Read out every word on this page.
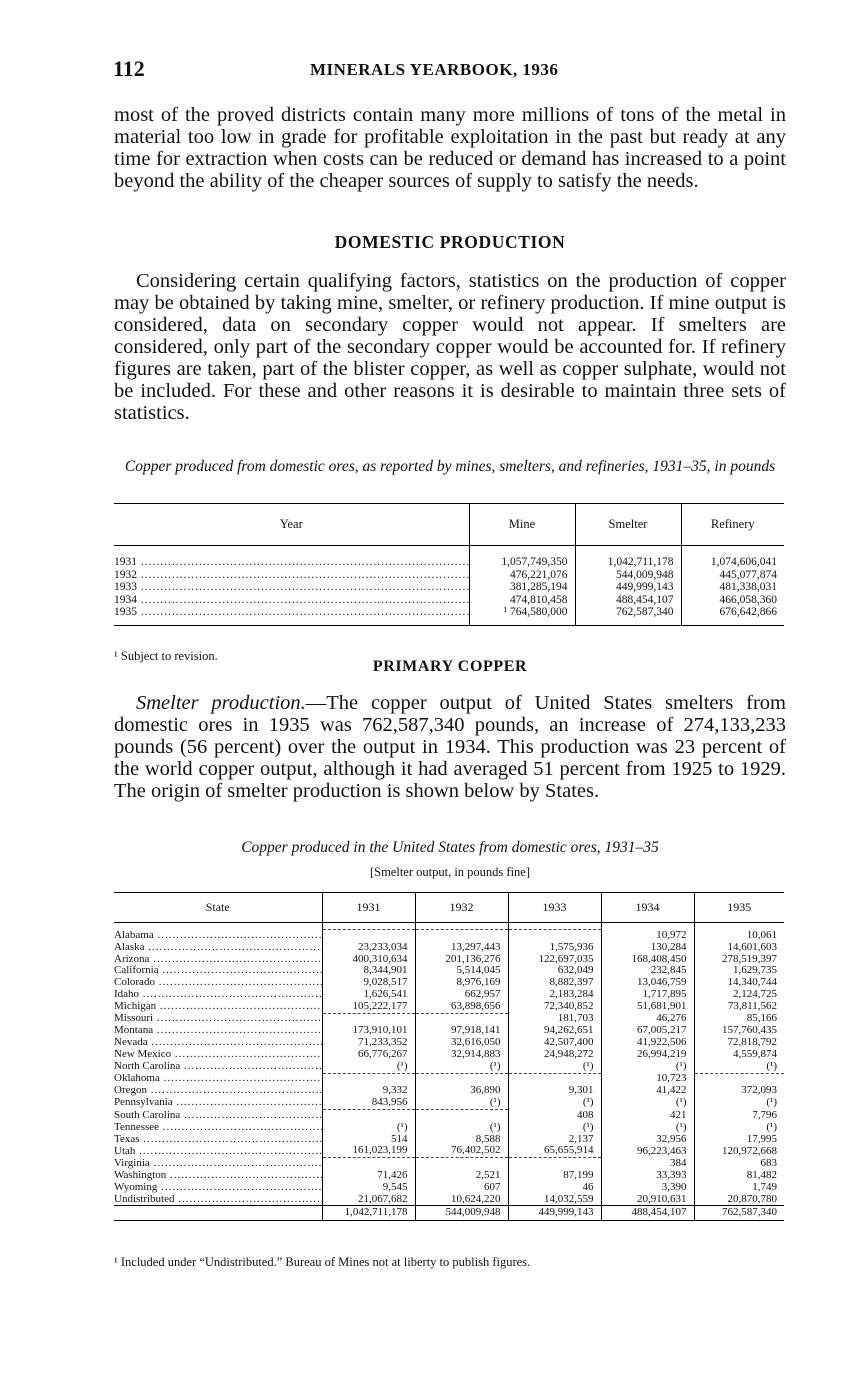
112	MINERALS YEARBOOK, 1936

most of the proved districts contain many more millions of tons of the metal in material too low in grade for profitable exploitation in the past but ready at any time for extraction when costs can be reduced or demand has increased to a point beyond the ability of the cheaper sources of supply to satisfy the needs.

DOMESTIC PRODUCTION

Considering certain qualifying factors, statistics on the production of copper may be obtained by taking mine, smelter, or refinery production. If mine output is considered, data on secondary copper would not appear. If smelters are considered, only part of the secondary copper would be accounted for. If refinery figures are taken, part of the blister copper, as well as copper sulphate, would not be included. For these and other reasons it is desirable to maintain three sets of statistics.

Copper produced from domestic ores, as reported by mines, smelters, and refineries, 1931–35, in pounds
Year	Mine	Smelter	Refinery

1931 .....	1,057,749,350	1,042,711,178	1,074,606,041
1932 .....	476,221,076	544,009,948	445,077,874
1933 .....	381,285,194	449,999,143	481,338,031
1934 .....	474,810,458	488,454,107	466,058,360
1935 .....	¹ 764,580,000	762,587,340	676,642,866

¹ Subject to revision.
PRIMARY COPPER

Smelter production.—The copper output of United States smelters from domestic ores in 1935 was 762,587,340 pounds, an increase of 274,133,233 pounds (56 percent) over the output in 1934. This production was 23 percent of the world copper output, although it had averaged 51 percent from 1925 to 1929. The origin of smelter production is shown below by States.

Copper produced in the United States from domestic ores, 1931–35
[Smelter output, in pounds fine]
State	1931	1932	1933	1934	1935

Alabama .....				10,972	10,061
Alaska .....	23,233,034	13,297,443	1,575,936	130,284	14,601,603
Arizona .....	400,310,634	201,136,276	122,697,035	168,408,450	278,519,397
California .....	8,344,901	5,514,045	632,049	232,845	1,629,735
Colorado .....	9,028,517	8,976,169	8,882,397	13,046,759	14,340,744
Idaho .....	1,626,541	662,957	2,183,284	1,717,895	2,124,725
Michigan .....	105,222,177	63,898,656	72,340,852	51,681,901	73,811,562
Missouri .....			181,703	46,276	85,166
Montana .....	173,910,101	97,918,141	94,262,651	67,005,217	157,760,435
Nevada .....	71,233,352	32,616,050	42,507,400	41,922,506	72,818,792
New Mexico .....	66,776,267	32,914,883	24,948,272	26,994,219	4,559,874
North Carolina .....	(¹)	(¹)	(¹)	(¹)	(¹)
Oklahoma .....				10,723	
Oregon .....	9,332	36,890	9,301	41,422	372,093
Pennsylvania .....	843,956	(¹)	(¹)	(¹)	(¹)
South Carolina .....			408	421	7,796
Tennessee .....	(¹)	(¹)	(¹)	(¹)	(¹)
Texas .....	514	8,588	2,137	32,956	17,995
Utah .....	161,023,199	76,402,502	65,655,914	96,223,463	120,972,668
Virginia .....				384	683
Washington .....	71,426	2,521	87,199	33,393	81,482
Wyoming .....	9,545	607	46	3,390	1,749
Undistributed .....	21,067,682	10,624,220	14,032,559	20,910,631	20,870,780
	1,042,711,178	544,009,948	449,999,143	488,454,107	762,587,340
¹ Included under “Undistributed.” Bureau of Mines not at liberty to publish figures.
